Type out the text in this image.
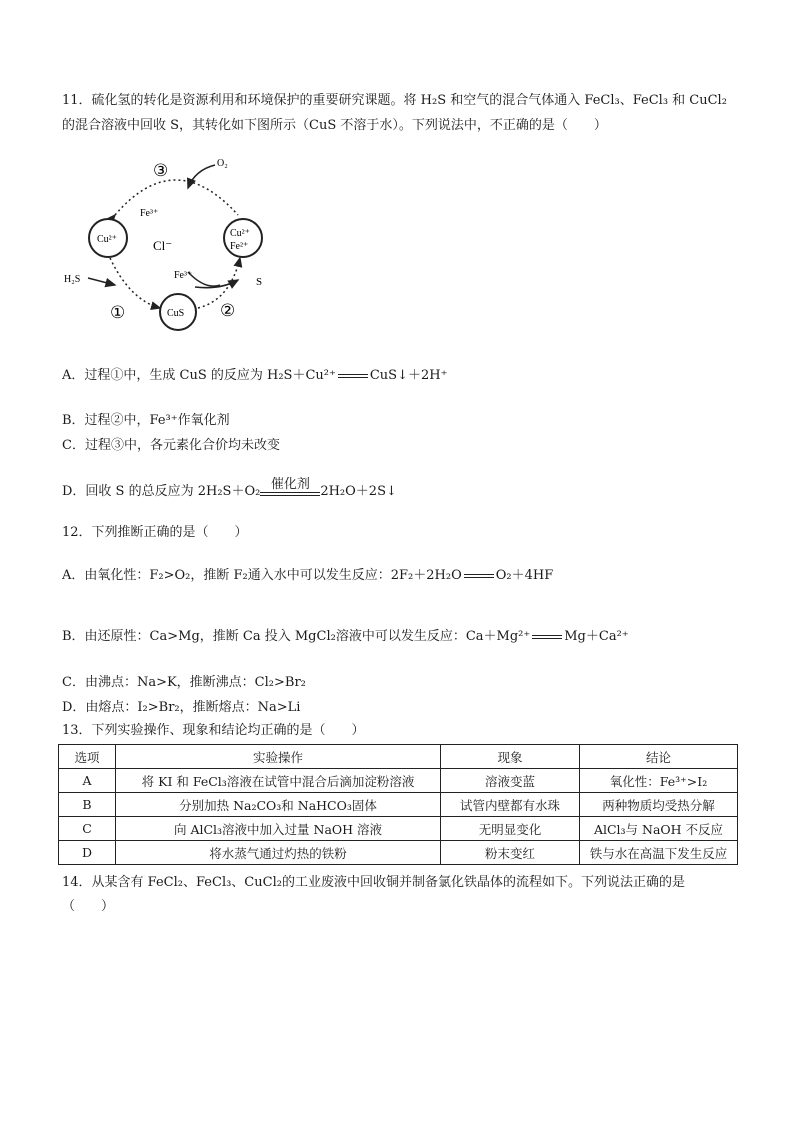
11．硫化氢的转化是资源利用和环境保护的重要研究课题。将 H₂S 和空气的混合气体通入 FeCl₃、FeCl₃ 和 CuCl₂
的混合溶液中回收 S，其转化如下图所示（CuS 不溶于水）。下列说法中，不正确的是（　　）
③	O₂
Fe³⁺
Cu²⁺	Cl⁻
Cu²⁺
Fe²⁺
H₂S	Fe³⁺
S
①	CuS ②
A．过程①中，生成 CuS 的反应为 H₂S＋Cu²⁺	CuS↓＋2H⁺
B．过程②中，Fe³⁺作氧化剂
C．过程③中，各元素化合价均未改变
D．回收 S 的总反应为 2H₂S＋O₂ 催化剂 2H₂O＋2S↓
12．下列推断正确的是（　　）
A．由氧化性：F₂>O₂，推断 F₂通入水中可以发生反应：2F₂＋2H₂O	O₂＋4HF
B．由还原性：Ca>Mg，推断 Ca 投入 MgCl₂溶液中可以发生反应：Ca＋Mg²⁺	Mg＋Ca²⁺
C．由沸点：Na>K，推断沸点：Cl₂>Br₂
D．由熔点：I₂>Br₂，推断熔点：Na>Li
13．下列实验操作、现象和结论均正确的是（　　）
选项	实验操作	现象	结论
A	将 KI 和 FeCl₃溶液在试管中混合后滴加淀粉溶液	溶液变蓝	氧化性：Fe³⁺>I₂
B	分别加热 Na₂CO₃和 NaHCO₃固体	试管内壁都有水珠	两种物质均受热分解
C	向 AlCl₃溶液中加入过量 NaOH 溶液	无明显变化	AlCl₃与 NaOH 不反应
D	将水蒸气通过灼热的铁粉	粉末变红	铁与水在高温下发生反应
14．从某含有 FeCl₂、FeCl₃、CuCl₂的工业废液中回收铜并制备氯化铁晶体的流程如下。下列说法正确的是
（　　）
